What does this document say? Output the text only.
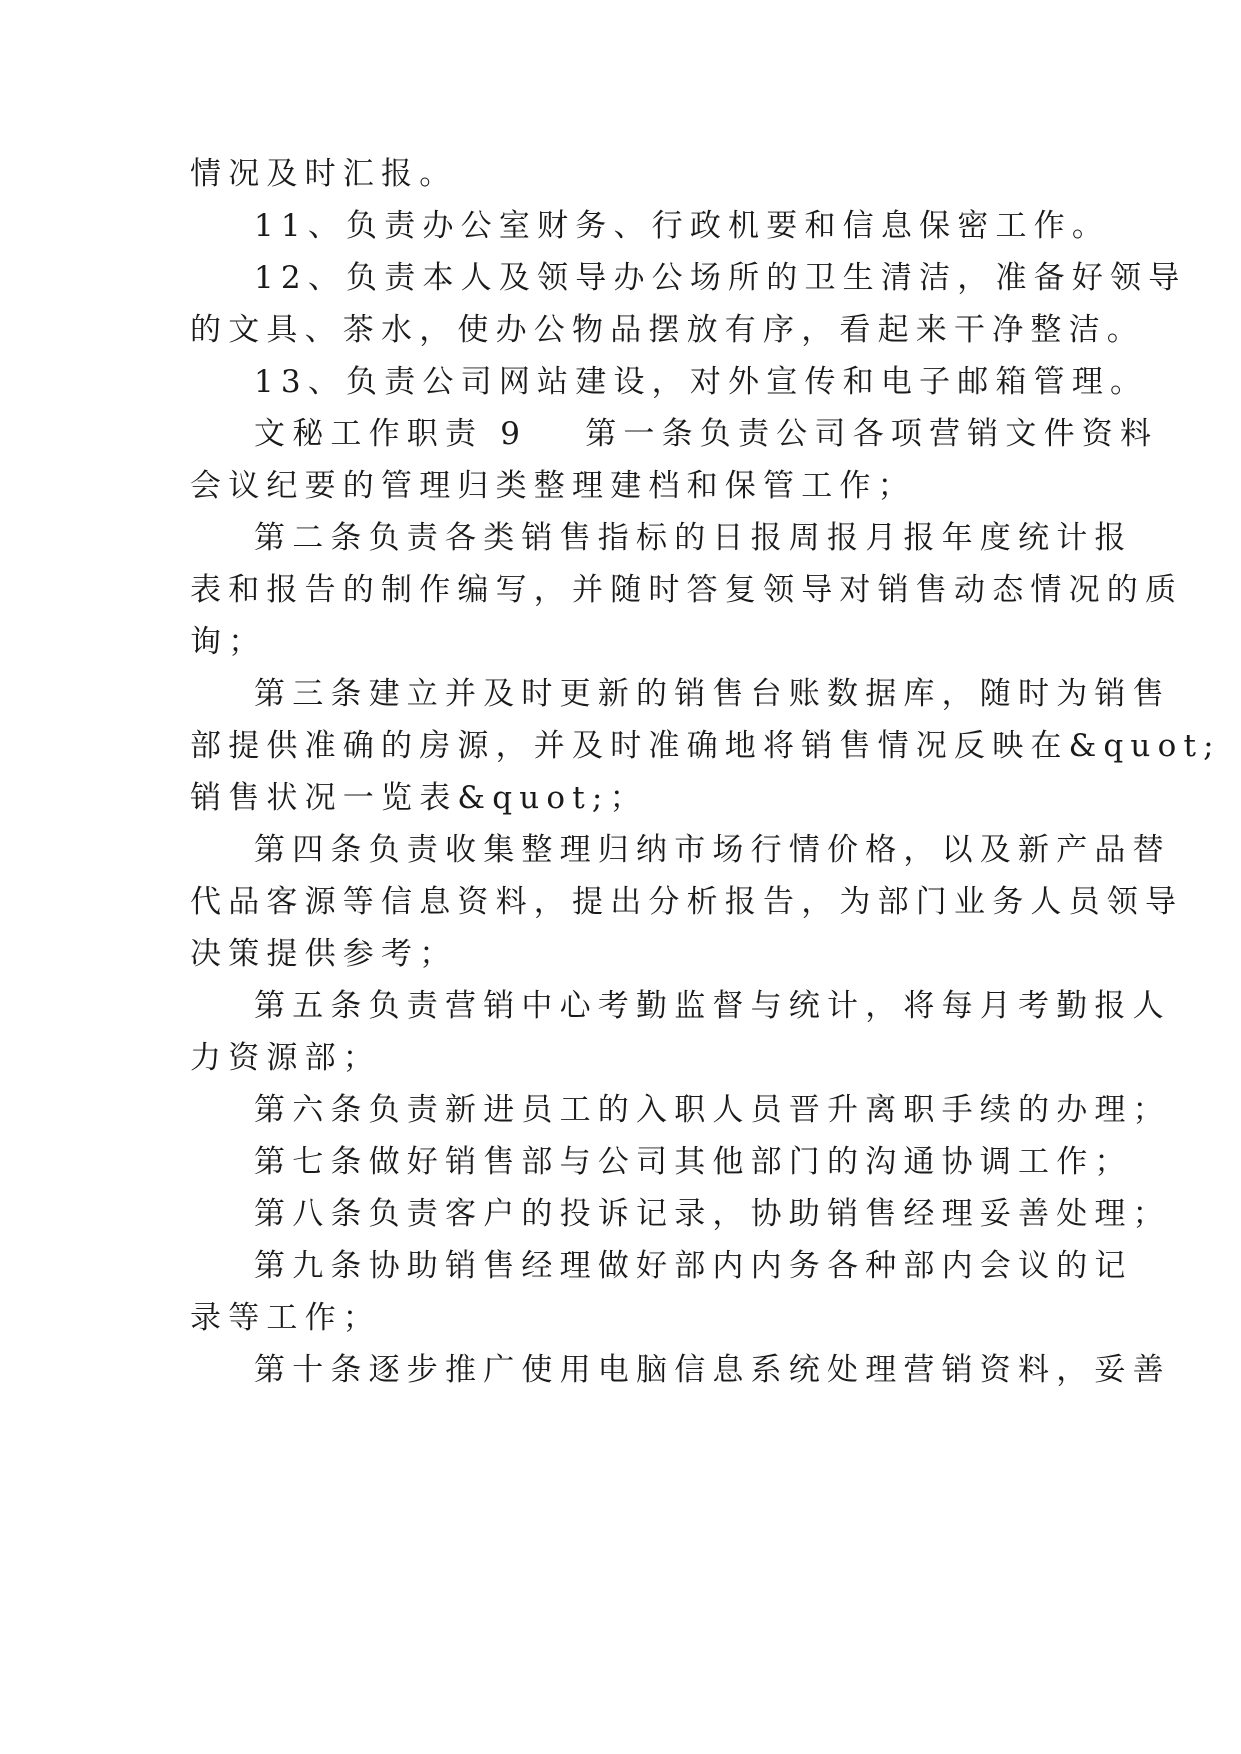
情况及时汇报。
11、负责办公室财务、行政机要和信息保密工作。
12、负责本人及领导办公场所的卫生清洁，准备好领导
的文具、茶水，使办公物品摆放有序，看起来干净整洁。
13、负责公司网站建设，对外宣传和电子邮箱管理。
文秘工作职责 9 第一条负责公司各项营销文件资料
会议纪要的管理归类整理建档和保管工作；
第二条负责各类销售指标的日报周报月报年度统计报
表和报告的制作编写，并随时答复领导对销售动态情况的质
询；
第三条建立并及时更新的销售台账数据库，随时为销售
部提供准确的房源，并及时准确地将销售情况反映在&quot;
销售状况一览表&quot;；
第四条负责收集整理归纳市场行情价格，以及新产品替
代品客源等信息资料，提出分析报告，为部门业务人员领导
决策提供参考；
第五条负责营销中心考勤监督与统计，将每月考勤报人
力资源部；
第六条负责新进员工的入职人员晋升离职手续的办理；
第七条做好销售部与公司其他部门的沟通协调工作；
第八条负责客户的投诉记录，协助销售经理妥善处理；
第九条协助销售经理做好部内内务各种部内会议的记
录等工作；
第十条逐步推广使用电脑信息系统处理营销资料，妥善
